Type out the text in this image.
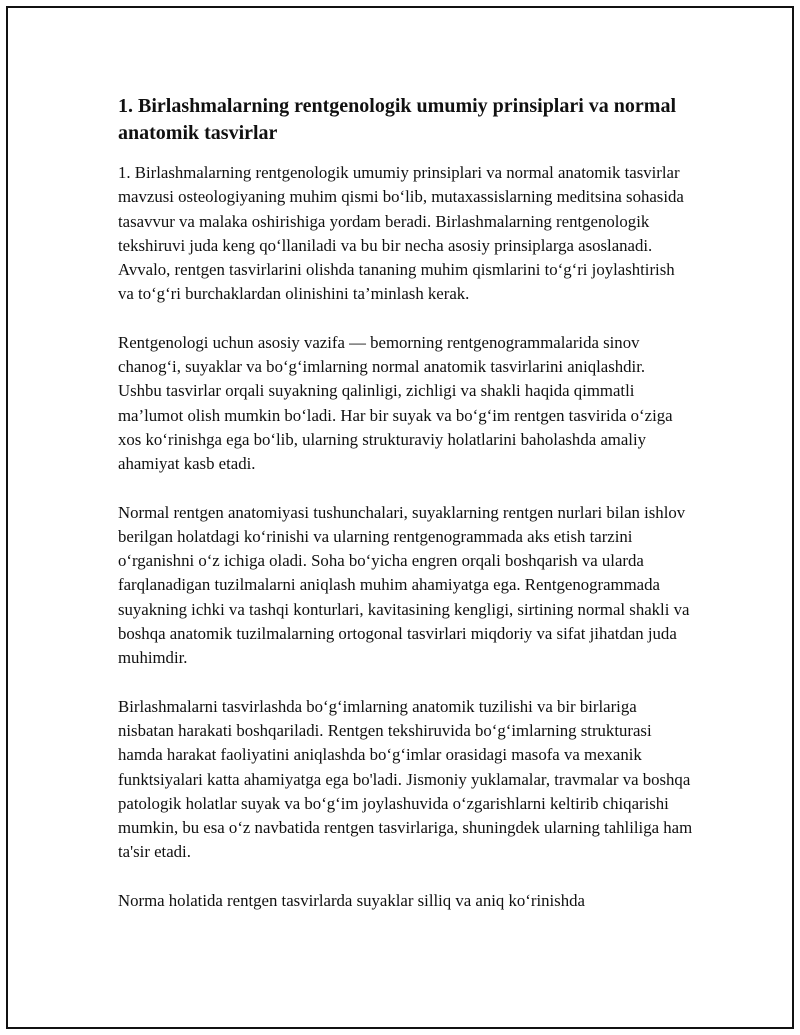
1. Birlashmalarning rentgenologik umumiy prinsiplari va normal anatomik tasvirlar

1. Birlashmalarning rentgenologik umumiy prinsiplari va normal anatomik tasvirlar mavzusi osteologiyaning muhim qismi bo‘lib, mutaxassislarning meditsina sohasida tasavvur va malaka oshirishiga yordam beradi. Birlashmalarning rentgenologik tekshiruvi juda keng qo‘llaniladi va bu bir necha asosiy prinsiplarga asoslanadi. Avvalo, rentgen tasvirlarini olishda tananing muhim qismlarini to‘g‘ri joylashtirish va to‘g‘ri burchaklardan olinishini ta’minlash kerak.

Rentgenologi uchun asosiy vazifa — bemorning rentgenogrammalarida sinov chanog‘i, suyaklar va bo‘g‘imlarning normal anatomik tasvirlarini aniqlashdir. Ushbu tasvirlar orqali suyakning qalinligi, zichligi va shakli haqida qimmatli ma’lumot olish mumkin bo‘ladi. Har bir suyak va bo‘g‘im rentgen tasvirida o‘ziga xos ko‘rinishga ega bo‘lib, ularning strukturaviy holatlarini baholashda amaliy ahamiyat kasb etadi.

Normal rentgen anatomiyasi tushunchalari, suyaklarning rentgen nurlari bilan ishlov berilgan holatdagi ko‘rinishi va ularning rentgenogrammada aks etish tarzini o‘rganishni o‘z ichiga oladi. Soha bo‘yicha engren orqali boshqarish va ularda farqlanadigan tuzilmalarni aniqlash muhim ahamiyatga ega. Rentgenogrammada suyakning ichki va tashqi konturlari, kavitasining kengligi, sirtining normal shakli va boshqa anatomik tuzilmalarning ortogonal tasvirlari miqdoriy va sifat jihatdan juda muhimdir.

Birlashmalarni tasvirlashda bo‘g‘imlarning anatomik tuzilishi va bir birlariga nisbatan harakati boshqariladi. Rentgen tekshiruvida bo‘g‘imlarning strukturasi hamda harakat faoliyatini aniqlashda bo‘g‘imlar orasidagi masofa va mexanik funktsiyalari katta ahamiyatga ega bo'ladi. Jismoniy yuklamalar, travmalar va boshqa patologik holatlar suyak va bo‘g‘im joylashuvida o‘zgarishlarni keltirib chiqarishi mumkin, bu esa o‘z navbatida rentgen tasvirlariga, shuningdek ularning tahliliga ham ta'sir etadi.

Norma holatida rentgen tasvirlarda suyaklar silliq va aniq ko‘rinishda
